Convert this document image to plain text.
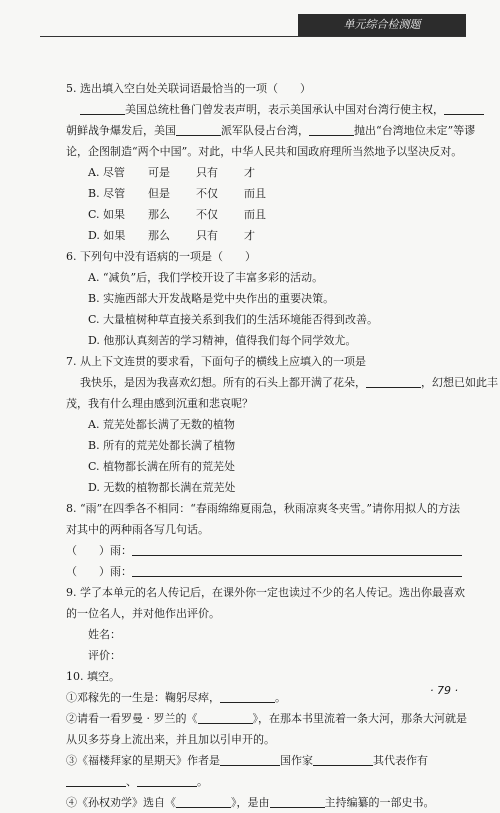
单元综合检测题
5. 选出填入空白处关联词语最恰当的一项（　　）
美国总统杜鲁门曾发表声明，表示美国承认中国对台湾行使主权，
朝鲜战争爆发后，美国	派军队侵占台湾，	抛出“台湾地位未定”等谬
论，企图制造“两个中国”。对此，中华人民共和国政府理所当然地予以坚决反对。
A. 尽管 可是 只有 才
B. 尽管 但是 不仅 而且
C. 如果 那么 不仅 而且
D. 如果 那么 只有 才
6. 下列句中没有语病的一项是（　　）
A. “减负”后，我们学校开设了丰富多彩的活动。
B. 实施西部大开发战略是党中央作出的重要决策。
C. 大量植树种草直接关系到我们的生活环境能否得到改善。
D. 他那认真刻苦的学习精神，值得我们每个同学效尤。
7. 从上下文连贯的要求看，下面句子的横线上应填入的一项是
我快乐，是因为我喜欢幻想。所有的石头上都开满了花朵，	，幻想已如此丰
茂，我有什么理由感到沉重和悲哀呢？
A. 荒芜处都长满了无数的植物
B. 所有的荒芜处都长满了植物
C. 植物都长满在所有的荒芜处
D. 无数的植物都长满在荒芜处
8. “雨”在四季各不相同：“春雨绵绵夏雨急，秋雨凉爽冬夹雪。”请你用拟人的方法
对其中的两种雨各写几句话。
（　　）雨：
（　　）雨：
9. 学了本单元的名人传记后，在课外你一定也读过不少的名人传记。选出你最喜欢
的一位名人，并对他作出评价。
姓名：
评价：
10. 填空。
①邓稼先的一生是：鞠躬尽瘁，	。
②请看一看罗曼 · 罗兰的《	》，在那本书里流着一条大河，那条大河就是
从贝多芬身上流出来，并且加以引申开的。
③《福楼拜家的星期天》作者是	国作家	其代表作有
、	。
④《孙权劝学》选自《	》，是由	主持编纂的一部史书。
· 79 ·
